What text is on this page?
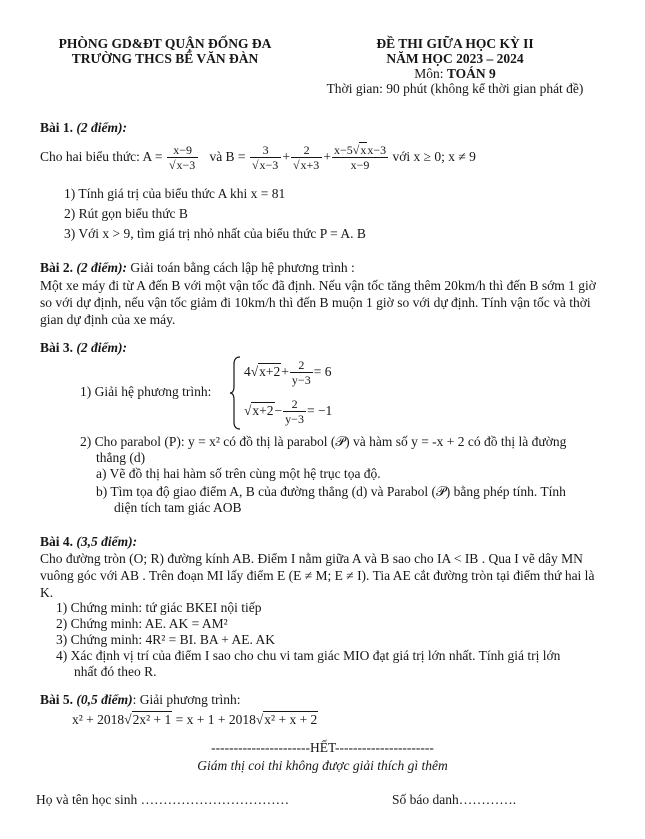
PHÒNG GD&ĐT QUẬN ĐỐNG ĐA
TRƯỜNG THCS BẾ VĂN ĐÀN
ĐỀ THI GIỮA HỌC KỲ II
NĂM HỌC 2023 – 2024
Môn: TOÁN 9
Thời gian: 90 phút (không kể thời gian phát đề)
Bài 1. (2 điểm):
Cho hai biểu thức: $A = \frac{x-9}{√x-3}$ và $B = \frac{3}{√x-3} + \frac{2}{√x+3} + \frac{x-5√xx-3}{x-9}$ với x ≥ 0; x ≠ 9
1) Tính giá trị của biểu thức A khi x = 81
2) Rút gọn biểu thức B
3) Với x > 9, tìm giá trị nhỏ nhất của biểu thức P = A. B
Bài 2. (2 điểm): Giải toán bằng cách lập hệ phương trình :

Một xe máy đi từ A đến B với một vận tốc đã định. Nếu vận tốc tăng thêm 20km/h thì đến B sớm 1 giờ so với dự định, nếu vận tốc giảm đi 10km/h thì đến B muộn 1 giờ so với dự định. Tính vận tốc và thời gian dự định của xe máy.

Bài 3. (2 điểm):
1) Giải hệ phương trình:
$4√x+2+ \frac{2}{y-3} = 6$
$√x+2- \frac{2}{y-3} = -1$
2) Cho parabol (P): y = x² có đồ thị là parabol (𝒫) và hàm số y = -x + 2 có đồ thị là đường
thẳng (d)
a) Vẽ đồ thị hai hàm số trên cùng một hệ trục tọa độ.
b) Tìm tọa độ giao điểm A, B của đường thẳng (d) và Parabol (𝒫) bằng phép tính. Tính
diện tích tam giác AOB
Bài 4. (3,5 điểm):

Cho đường tròn (O; R) đường kính AB. Điểm I nằm giữa A và B sao cho IA < IB . Qua I vẽ dây MN vuông góc với AB . Trên đoạn MI lấy điểm E (E ≠ M; E ≠ I). Tia AE cắt đường tròn tại điểm thứ hai là K.

1) Chứng minh: tứ giác BKEI nội tiếp
2) Chứng minh: AE. AK = AM²
3) Chứng minh: 4R² = BI. BA + AE. AK
4) Xác định vị trí của điểm I sao cho chu vi tam giác MIO đạt giá trị lớn nhất. Tính giá trị lớn
nhất đó theo R.
Bài 5. (0,5 điểm): Giải phương trình:
x² + 2018√2x² + 1 = x + 1 + 2018√x² + x + 2
----------------------HẾT----------------------
Giám thị coi thi không được giải thích gì thêm
Họ và tên học sinh ……………………………	Số báo danh………….
